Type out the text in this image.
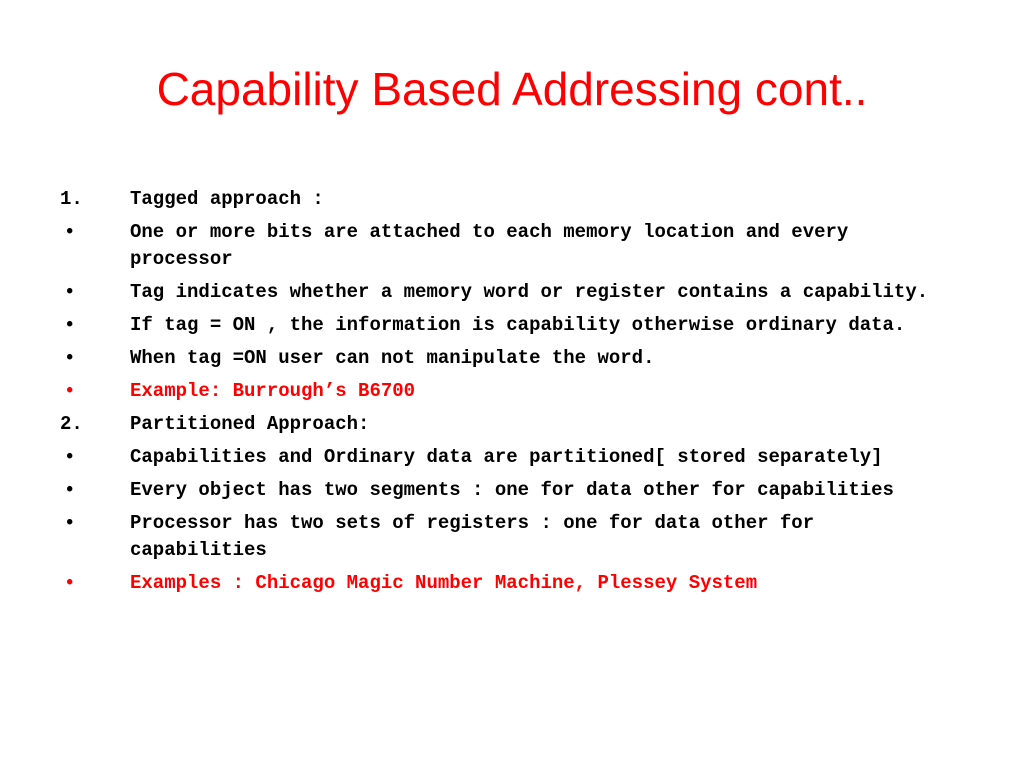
Capability Based Addressing cont..
1.	Tagged approach :
•	One or more bits are attached to each memory location and every processor
•	Tag indicates whether a memory word or register contains a capability.
•	If tag = ON , the information is capability otherwise ordinary data.
•	When tag =ON user can not manipulate the word.
•	Example: Burrough’s B6700
2.	Partitioned Approach:
•	Capabilities and Ordinary data are partitioned[ stored separately]
•	Every object has two segments : one for data other for capabilities
•	Processor has two sets of registers : one for data other for capabilities
•	Examples : Chicago Magic Number Machine, Plessey System
